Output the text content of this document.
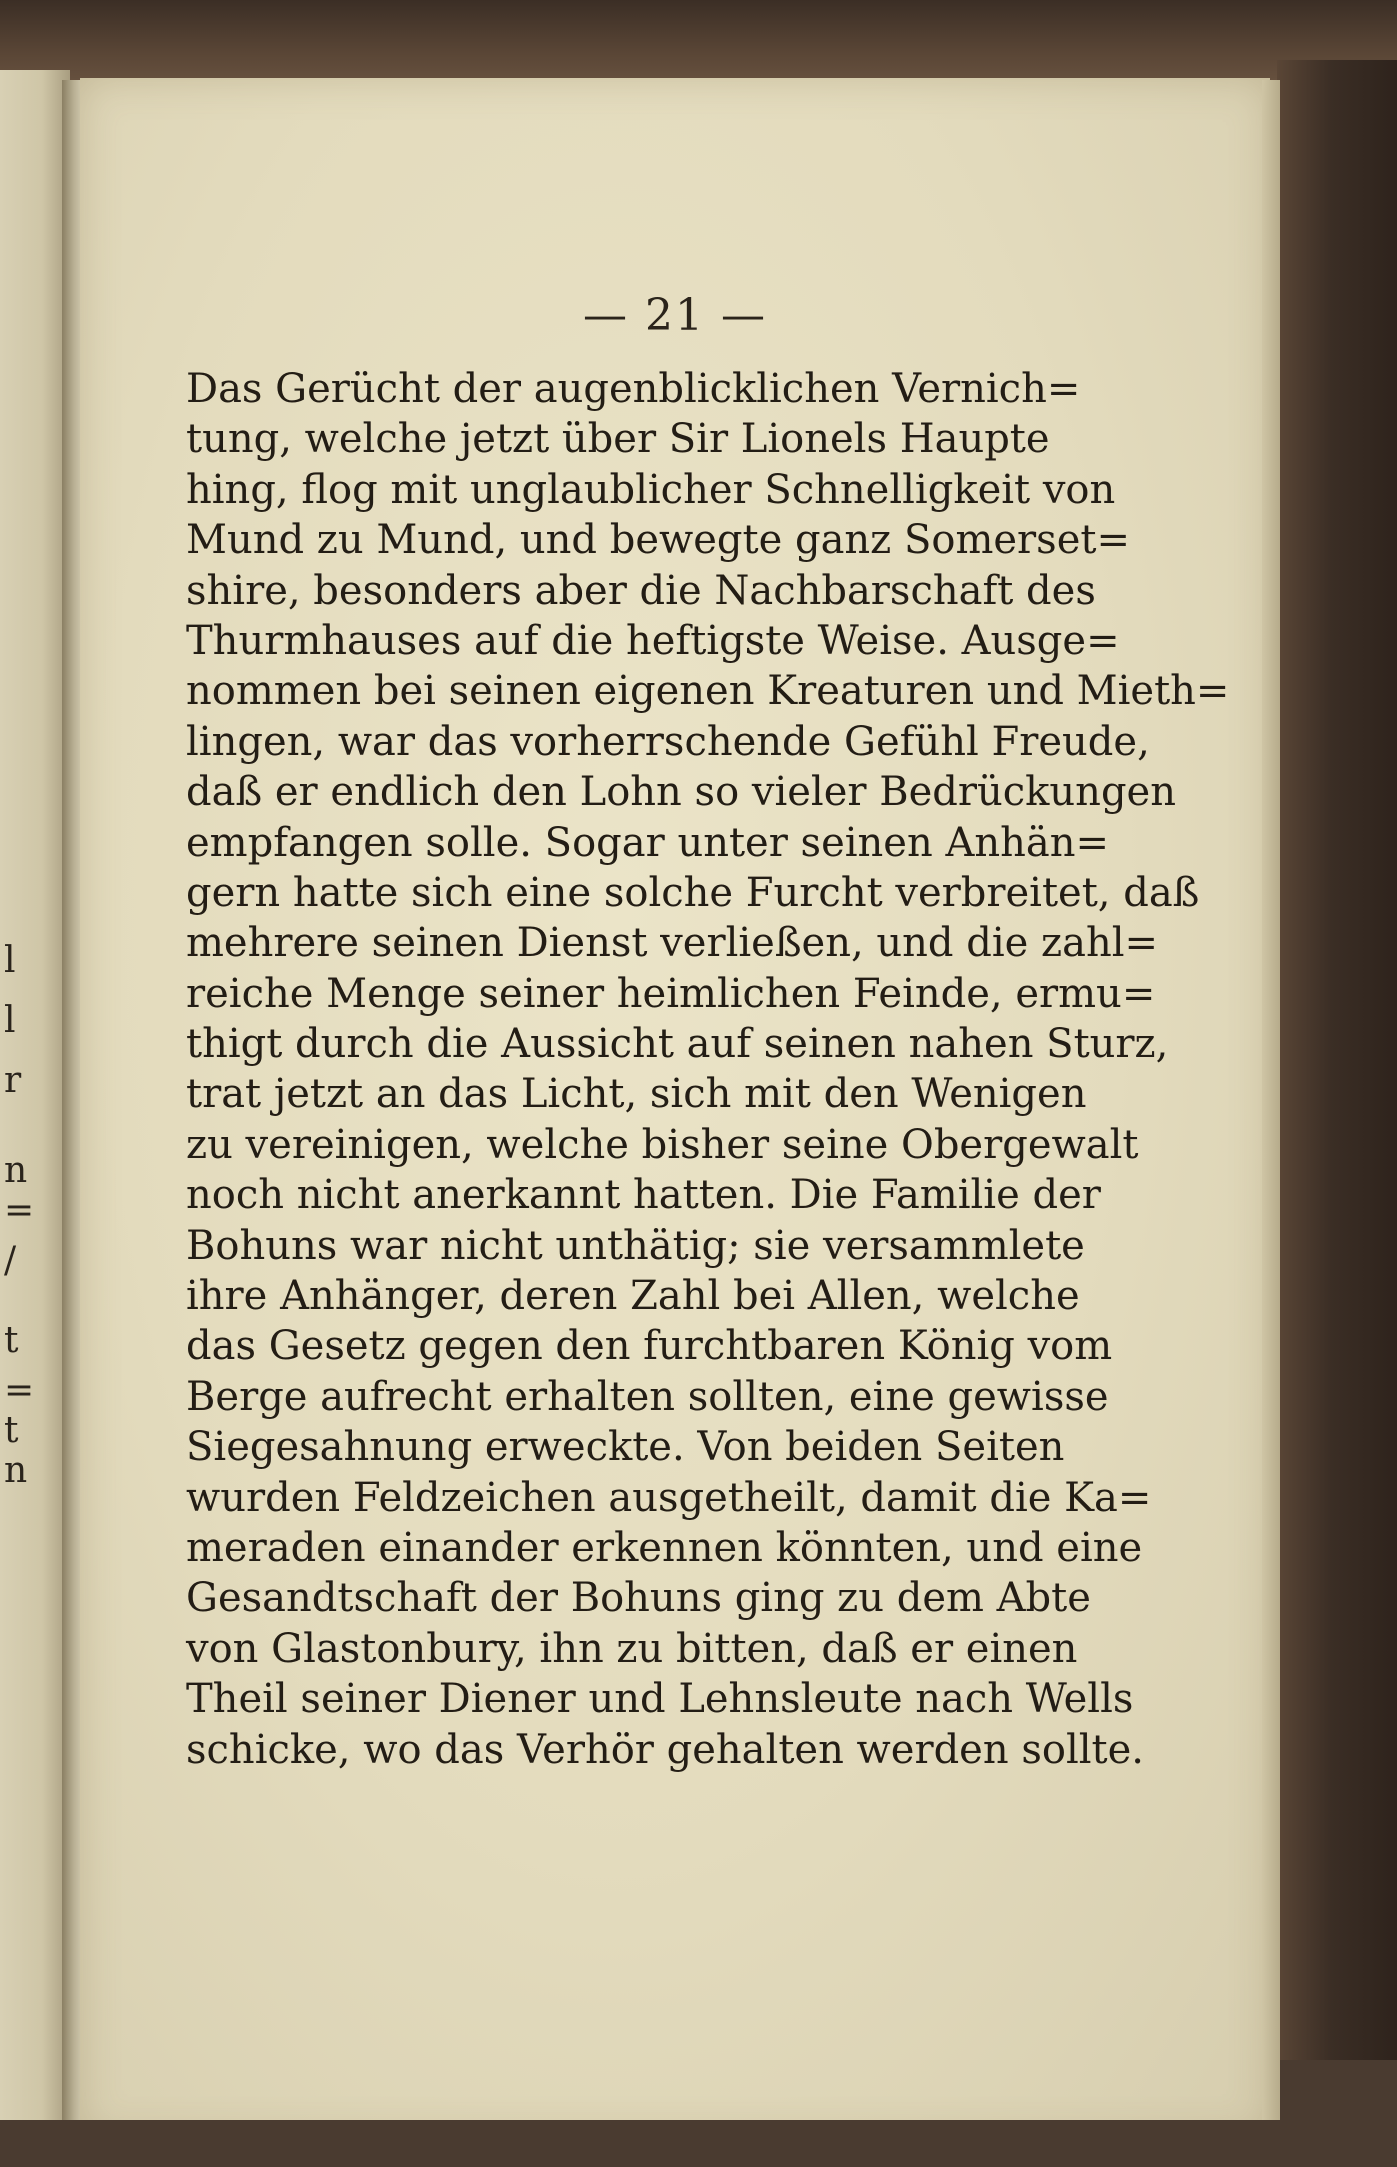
— 21 —
Das Gerücht der augenblicklichen Vernich=
tung, welche jetzt über Sir Lionels Haupte
hing, flog mit unglaublicher Schnelligkeit von
Mund zu Mund, und bewegte ganz Somerset=
shire, besonders aber die Nachbarschaft des
Thurmhauses auf die heftigste Weise. Ausge=
nommen bei seinen eigenen Kreaturen und Mieth=
lingen, war das vorherrschende Gefühl Freude,
daß er endlich den Lohn so vieler Bedrückungen
empfangen solle. Sogar unter seinen Anhän=
gern hatte sich eine solche Furcht verbreitet, daß
mehrere seinen Dienst verließen, und die zahl=
reiche Menge seiner heimlichen Feinde, ermu=
thigt durch die Aussicht auf seinen nahen Sturz,
trat jetzt an das Licht, sich mit den Wenigen
zu vereinigen, welche bisher seine Obergewalt
noch nicht anerkannt hatten. Die Familie der
Bohuns war nicht unthätig; sie versammlete
ihre Anhänger, deren Zahl bei Allen, welche
das Gesetz gegen den furchtbaren König vom
Berge aufrecht erhalten sollten, eine gewisse
Siegesahnung erweckte. Von beiden Seiten
wurden Feldzeichen ausgetheilt, damit die Ka=
meraden einander erkennen könnten, und eine
Gesandtschaft der Bohuns ging zu dem Abte
von Glastonbury, ihn zu bitten, daß er einen
Theil seiner Diener und Lehnsleute nach Wells
schicke, wo das Verhör gehalten werden sollte.
l
l
r
n
=
/
t
=
t
n
